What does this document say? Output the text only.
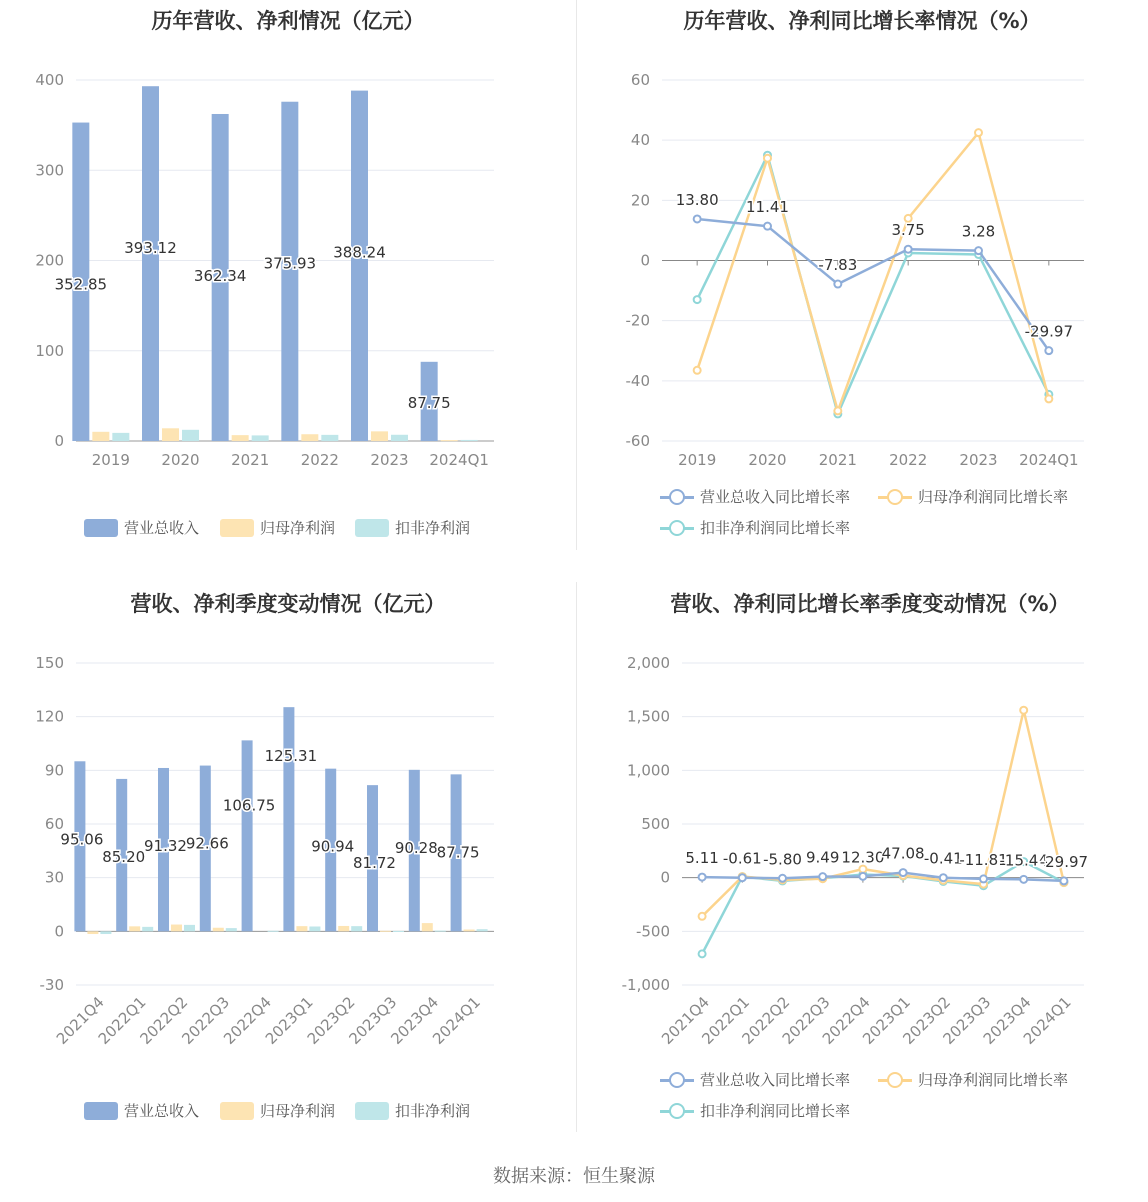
历年营收、净利情况（亿元）
400
300
200
100
0
2019 2020 2021 2022 2023 2024Q1
352.85
393.12
362.34
375.93
388.24
87.75
营业总收入	归母净利润	扣非净利润
历年营收、净利同比增长率情况（%）
60
40
20
0
-20
-40
-60
2019 2020 2021 2022 2023 2024Q1
13.80 11.41
-7.83
3.75 3.28
-29.97
营业总收入同比增长率	归母净利润同比增长率
扣非净利润同比增长率
营收、净利季度变动情况（亿元）
150
120
90
60
30
0
-30
2021Q4
2022Q1
2022Q2
2022Q3
2022Q4
2023Q1
2023Q2
2023Q3
2023Q4
2024Q1
95.06
85.20
91.32
92.66
106.75
125.31
90.94
81.72
90.28
87.75
营业总收入	归母净利润	扣非净利润
营收、净利同比增长率季度变动情况（%）
2,000
1,500
1,000
500
0
-500
-1,000
2021Q4
2022Q1
2022Q2
2022Q3
2022Q4
2023Q1
2023Q2
2023Q3
2023Q4
2024Q1
5.11 -0.61 -5.80 9.49 12.30
47.08 -0.41
-11.81
-15.44
-29.97
营业总收入同比增长率	归母净利润同比增长率
扣非净利润同比增长率
数据来源：恒生聚源
